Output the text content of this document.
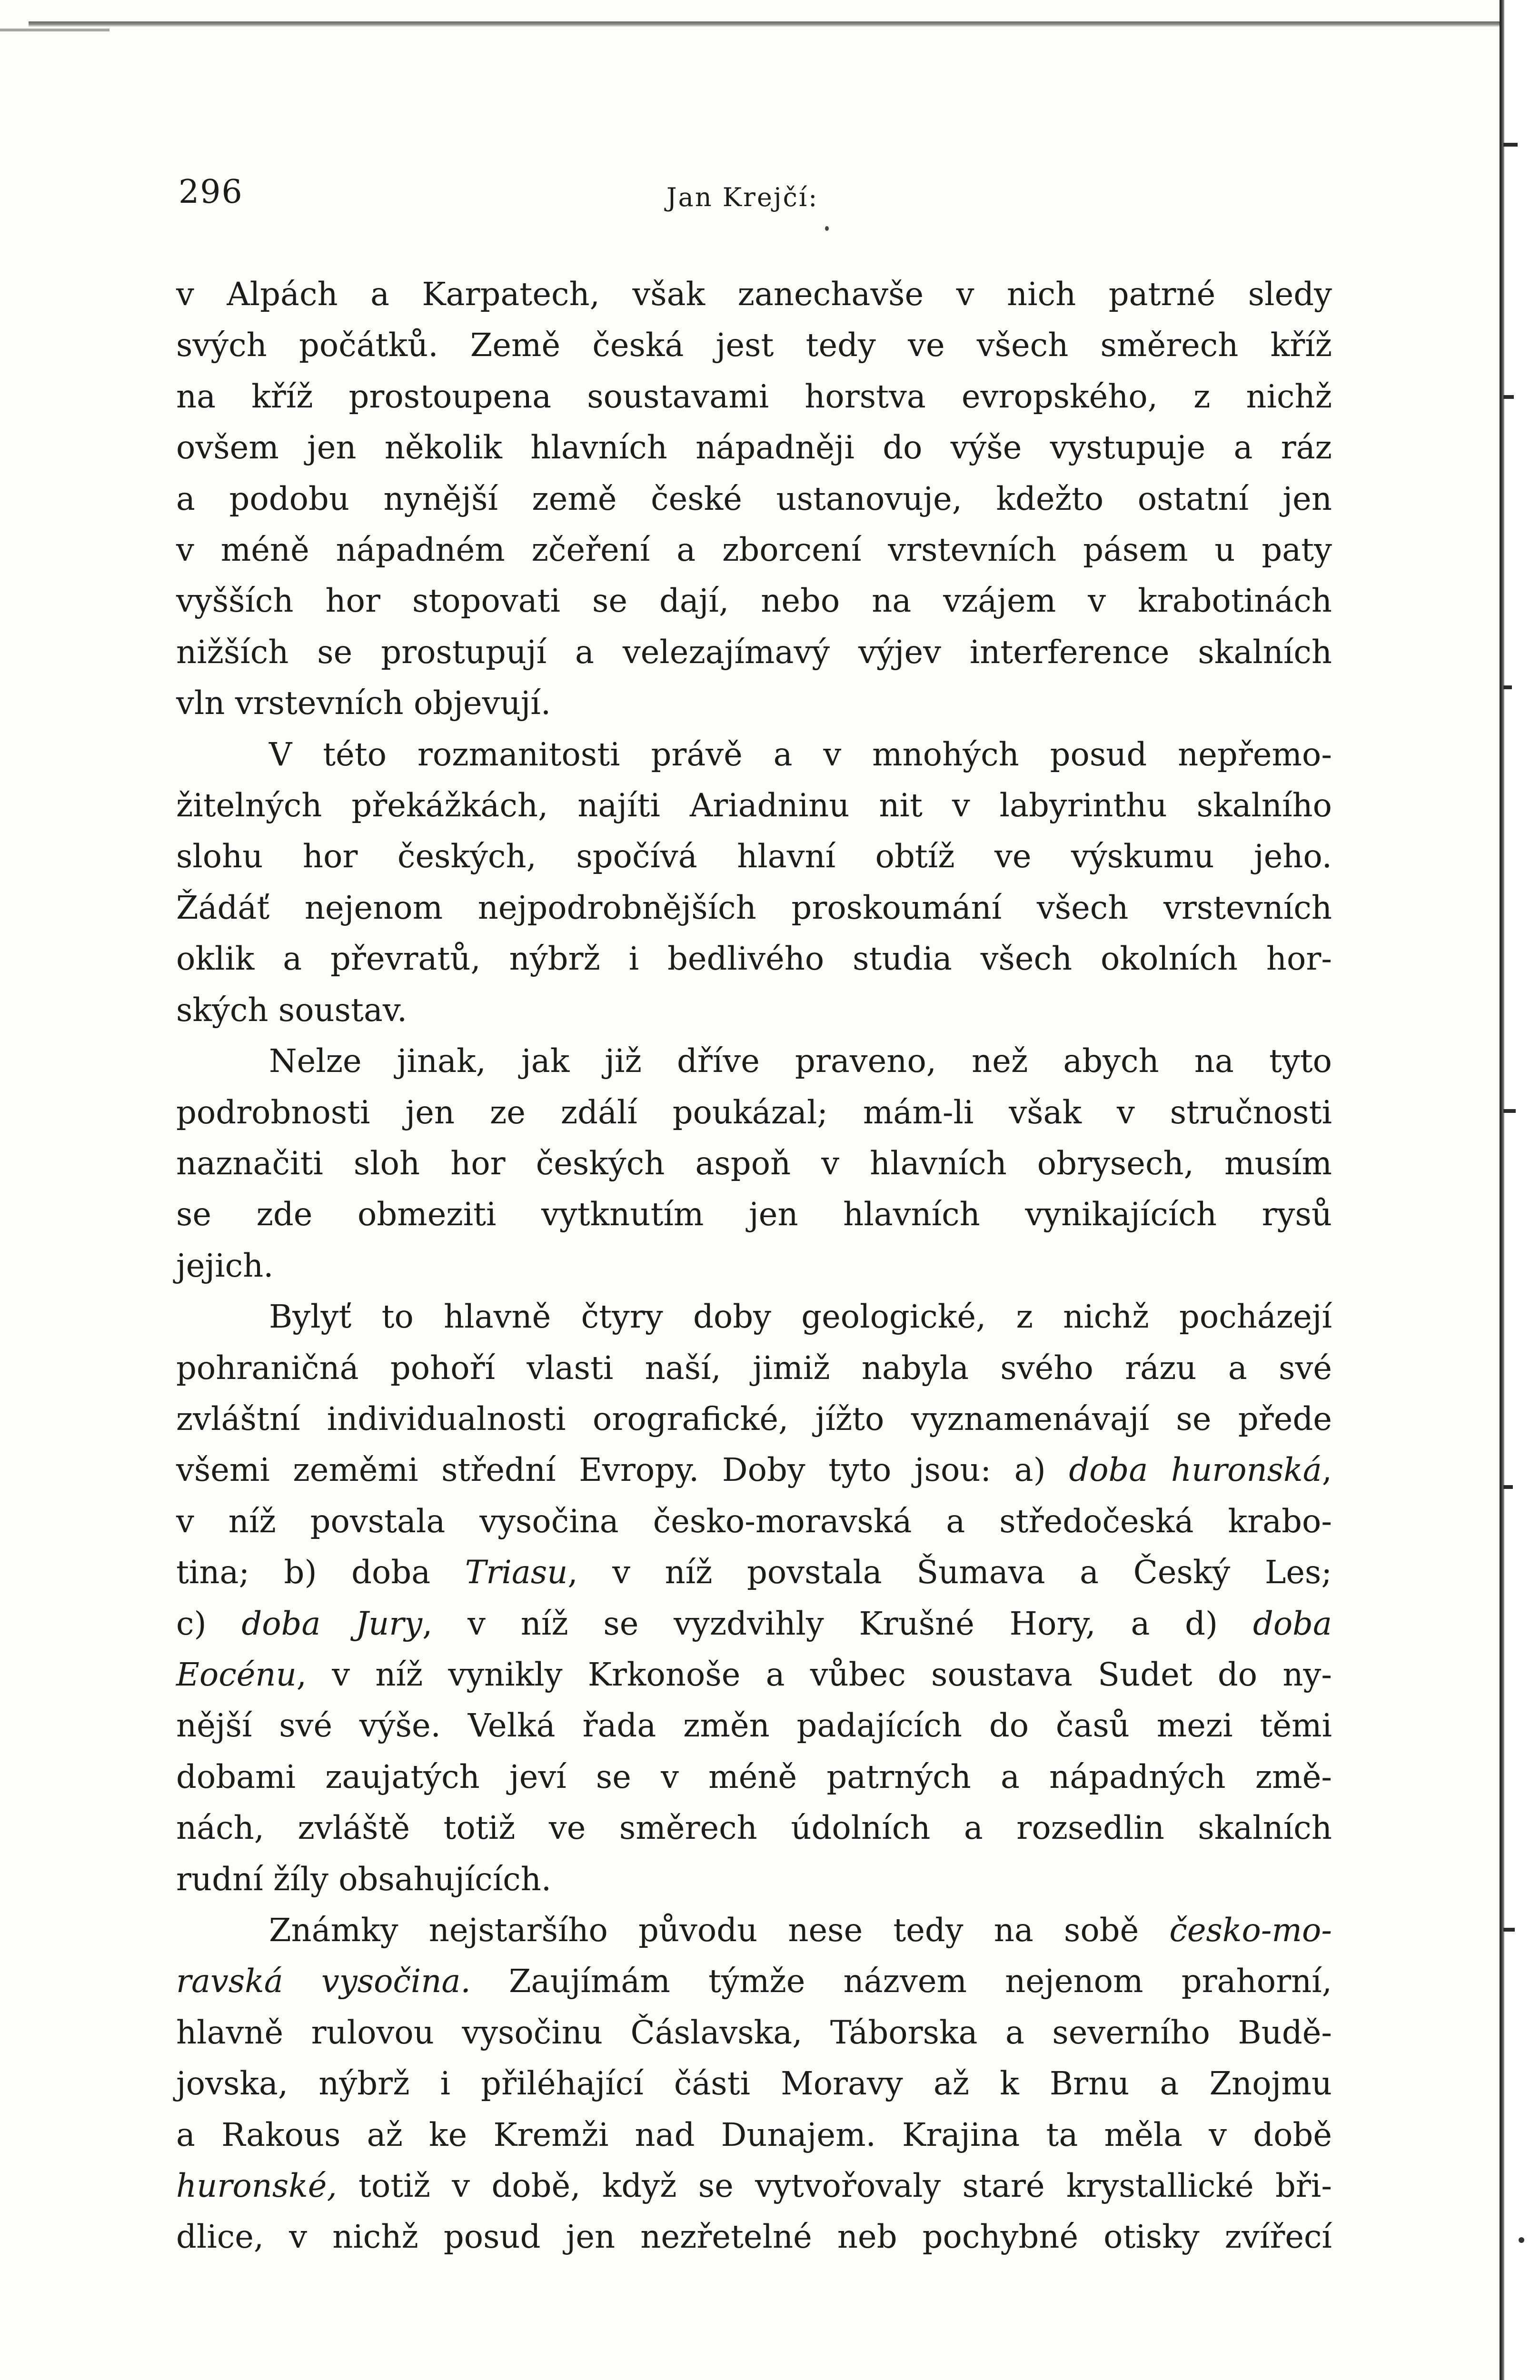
296	Jan Krejčí:

v Alpách a Karpatech, však zanechavše v nich patrné sledy
svých počátků. Země česká jest tedy ve všech směrech kříž
na kříž prostoupena soustavami horstva evropského, z nichž
ovšem jen několik hlavních nápadněji do výše vystupuje a ráz
a podobu nynější země české ustanovuje, kdežto ostatní jen
v méně nápadném zčeření a zborcení vrstevních pásem u paty
vyšších hor stopovati se dají, nebo na vzájem v krabotinách
nižších se prostupují a velezajímavý výjev interference skalních
vln vrstevních objevují.

V této rozmanitosti právě a v mnohých posud nepřemo-
žitelných překážkách, najíti Ariadninu nit v labyrinthu skalního
slohu hor českých, spočívá hlavní obtíž ve výskumu jeho.
Žádáť nejenom nejpodrobnějších proskoumání všech vrstevních
oklik a převratů, nýbrž i bedlivého studia všech okolních hor-
ských soustav.

Nelze jinak, jak již dříve praveno, než abych na tyto
podrobnosti jen ze zdálí poukázal; mám-li však v stručnosti
naznačiti sloh hor českých aspoň v hlavních obrysech, musím
se zde obmeziti vytknutím jen hlavních vynikajících rysů
jejich.

Bylyť to hlavně čtyry doby geologické, z nichž pocházejí
pohraničná pohoří vlasti naší, jimiž nabyla svého rázu a své
zvláštní individualnosti orografické, jížto vyznamenávají se přede
všemi zeměmi střední Evropy. Doby tyto jsou: a) doba huronská,
v níž povstala vysočina česko-moravská a středočeská krabo-
tina; b) doba Triasu, v níž povstala Šumava a Český Les;
c) doba Jury, v níž se vyzdvihly Krušné Hory, a d) doba
Eocénu, v níž vynikly Krkonoše a vůbec soustava Sudet do ny-
nější své výše. Velká řada změn padajících do časů mezi těmi
dobami zaujatých jeví se v méně patrných a nápadných změ-
nách, zvláště totiž ve směrech údolních a rozsedlin skalních
rudní žíly obsahujících.

Známky nejstaršího původu nese tedy na sobě česko-mo-
ravská vysočina. Zaujímám týmže názvem nejenom prahorní,
hlavně rulovou vysočinu Čáslavska, Táborska a severního Budě-
jovska, nýbrž i přiléhající části Moravy až k Brnu a Znojmu
a Rakous až ke Kremži nad Dunajem. Krajina ta měla v době
huronské, totiž v době, když se vytvořovaly staré krystallické bři-
dlice, v nichž posud jen nezřetelné neb pochybné otisky zvířecí
